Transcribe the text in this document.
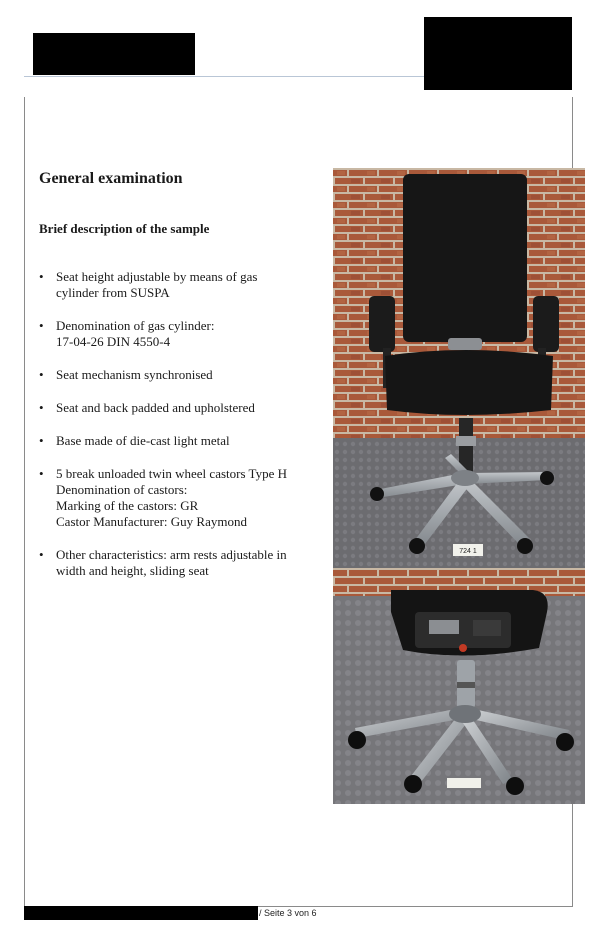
General examination
Brief description of the sample
• Seat height adjustable by means of gas
cylinder from SUSPA
• Denomination of gas cylinder:
17-04-26 DIN 4550-4
• Seat mechanism synchronised
• Seat and back padded and upholstered
• Base made of die-cast light metal
• 5 break unloaded twin wheel castors Type H
Denomination of castors:
Marking of the castors: GR
Castor Manufacturer: Guy Raymond
• Other characteristics: arm rests adjustable in
width and height, sliding seat
724 1
/ Seite 3 von 6
